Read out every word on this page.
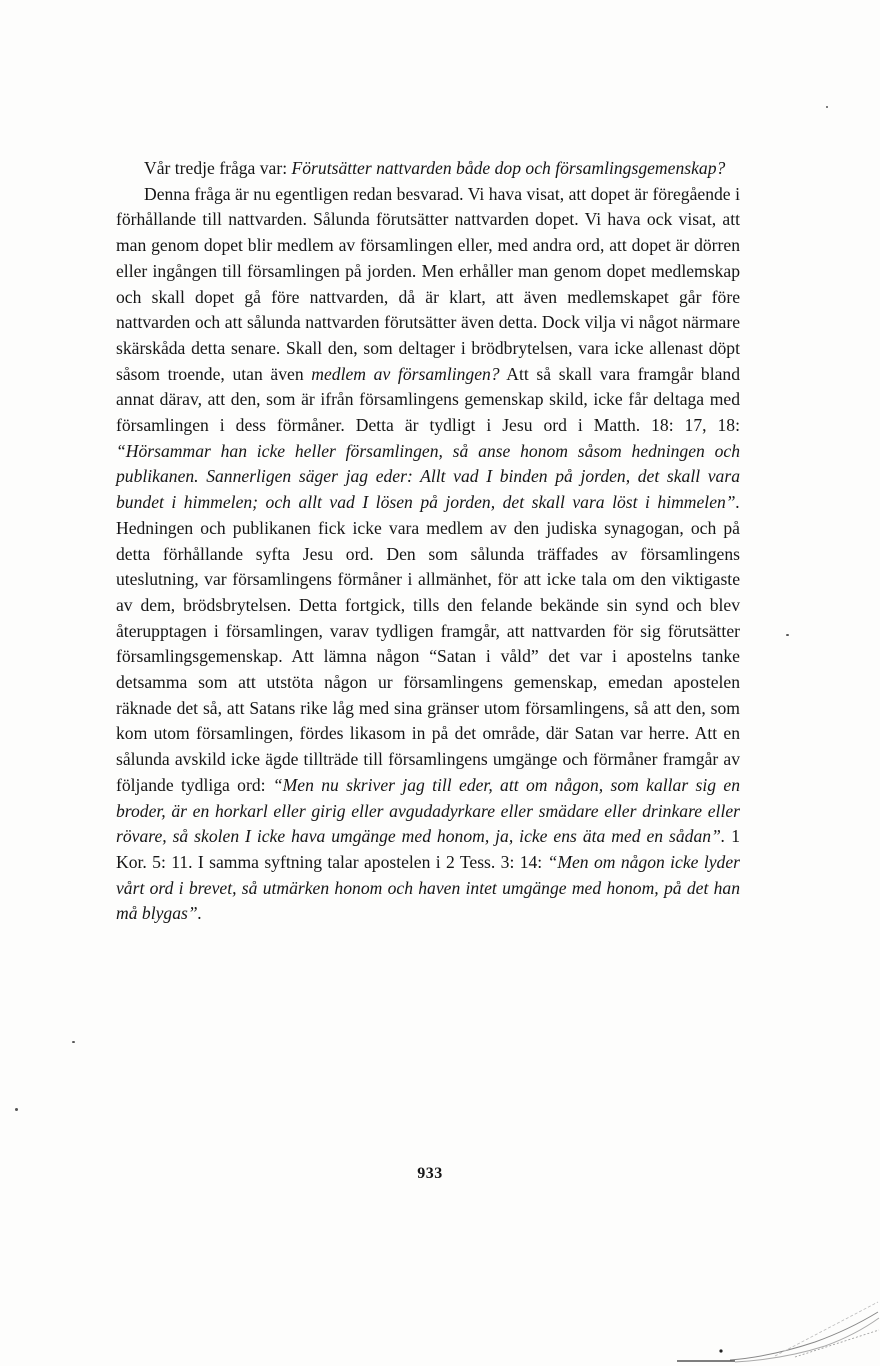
Vår tredje fråga var: Förutsätter nattvarden både dop och församlingsgemenskap?

Denna fråga är nu egentligen redan besvarad. Vi hava visat, att dopet är föregående i förhållande till nattvarden. Sålunda förutsätter nattvarden dopet. Vi hava ock visat, att man genom dopet blir medlem av församlingen eller, med andra ord, att dopet är dörren eller ingången till församlingen på jorden. Men erhåller man genom dopet medlemskap och skall dopet gå före nattvarden, då är klart, att även medlemskapet går före nattvarden och att sålunda nattvarden förutsätter även detta. Dock vilja vi något närmare skärskåda detta senare. Skall den, som deltager i brödbrytelsen, vara icke allenast döpt såsom troende, utan även medlem av församlingen? Att så skall vara framgår bland annat därav, att den, som är ifrån församlingens gemenskap skild, icke får deltaga med församlingen i dess förmåner. Detta är tydligt i Jesu ord i Matth. 18: 17, 18: “Hörsammar han icke heller församlingen, så anse honom såsom hedningen och publikanen. Sannerligen säger jag eder: Allt vad I binden på jorden, det skall vara bundet i himmelen; och allt vad I lösen på jorden, det skall vara löst i himmelen”. Hedningen och publikanen fick icke vara medlem av den judiska synagogan, och på detta förhållande syfta Jesu ord. Den som sålunda träffades av församlingens uteslutning, var församlingens förmåner i allmänhet, för att icke tala om den viktigaste av dem, brödsbrytelsen. Detta fortgick, tills den felande bekände sin synd och blev återupptagen i församlingen, varav tydligen framgår, att nattvarden för sig förutsätter församlingsgemenskap. Att lämna någon “Satan i våld” det var i apostelns tanke detsamma som att utstöta någon ur församlingens gemenskap, emedan apostelen räknade det så, att Satans rike låg med sina gränser utom församlingens, så att den, som kom utom församlingen, fördes likasom in på det område, där Satan var herre. Att en sålunda avskild icke ägde tillträde till församlingens umgänge och förmåner framgår av följande tydliga ord: “Men nu skriver jag till eder, att om någon, som kallar sig en broder, är en horkarl eller girig eller avgudadyrkare eller smädare eller drinkare eller rövare, så skolen I icke hava umgänge med honom, ja, icke ens äta med en sådan”. 1 Kor. 5: 11. I samma syftning talar apostelen i 2 Tess. 3: 14: “Men om någon icke lyder vårt ord i brevet, så utmärken honom och haven intet umgänge med honom, på det han må blygas”.

933
